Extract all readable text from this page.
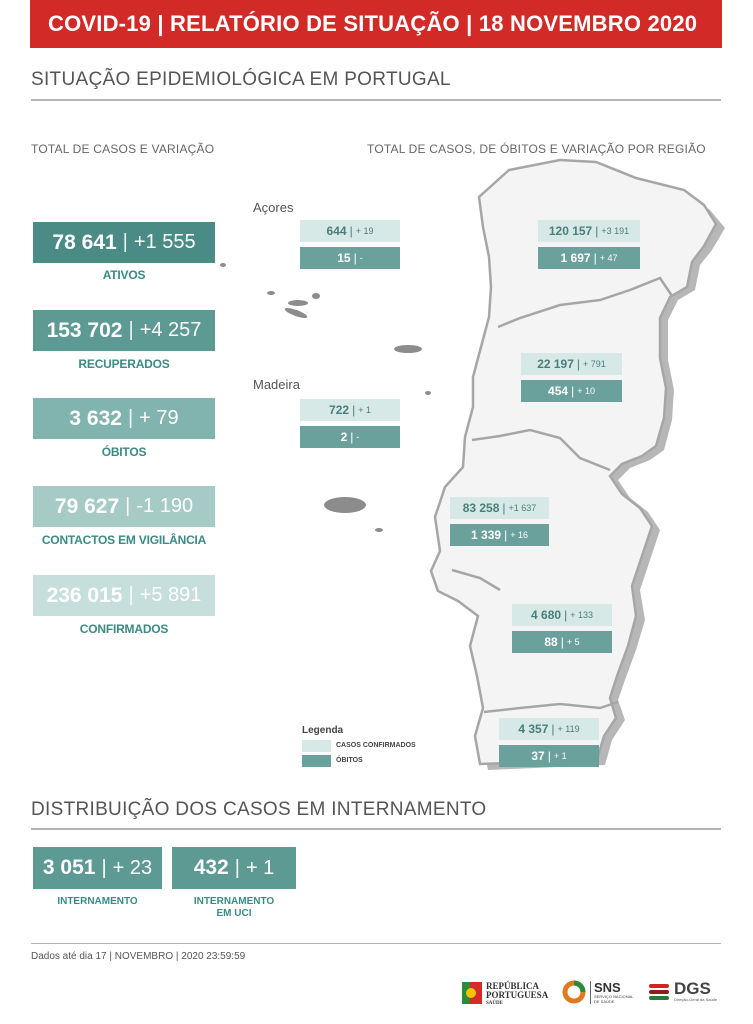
COVID-19 | RELATÓRIO DE SITUAÇÃO | 18 NOVEMBRO 2020
SITUAÇÃO EPIDEMIOLÓGICA EM PORTUGAL
TOTAL DE CASOS E VARIAÇÃO	TOTAL DE CASOS, DE ÓBITOS E VARIAÇÃO POR REGIÃO
78 641 | +1 555
ATIVOS
153 702 | +4 257
RECUPERADOS
3 632 | + 79
ÓBITOS
79 627 | -1 190
CONTACTOS EM VIGILÂNCIA
236 015 | +5 891
CONFIRMADOS
Açores
Madeira
644 | + 19
15 | -
722 | + 1
2 | -
120 157 | +3 191
1 697 | + 47
22 197 | + 791
454 | + 10
83 258 | +1 637
1 339 | + 16
4 680 | + 133
88 | + 5
4 357 | + 119
37 | + 1
Legenda
CASOS CONFIRMADOS
ÓBITOS
DISTRIBUIÇÃO DOS CASOS EM INTERNAMENTO
3 051 | + 23
INTERNAMENTO
432 | + 1
INTERNAMENTO
EM UCI
Dados até dia 17 | NOVEMBRO | 2020 23:59:59
REPÚBLICA
PORTUGUESA
SAÚDE
SNS
SERVIÇO NACIONAL
DE SAÚDE
DGS
Direção-Geral da Saúde
